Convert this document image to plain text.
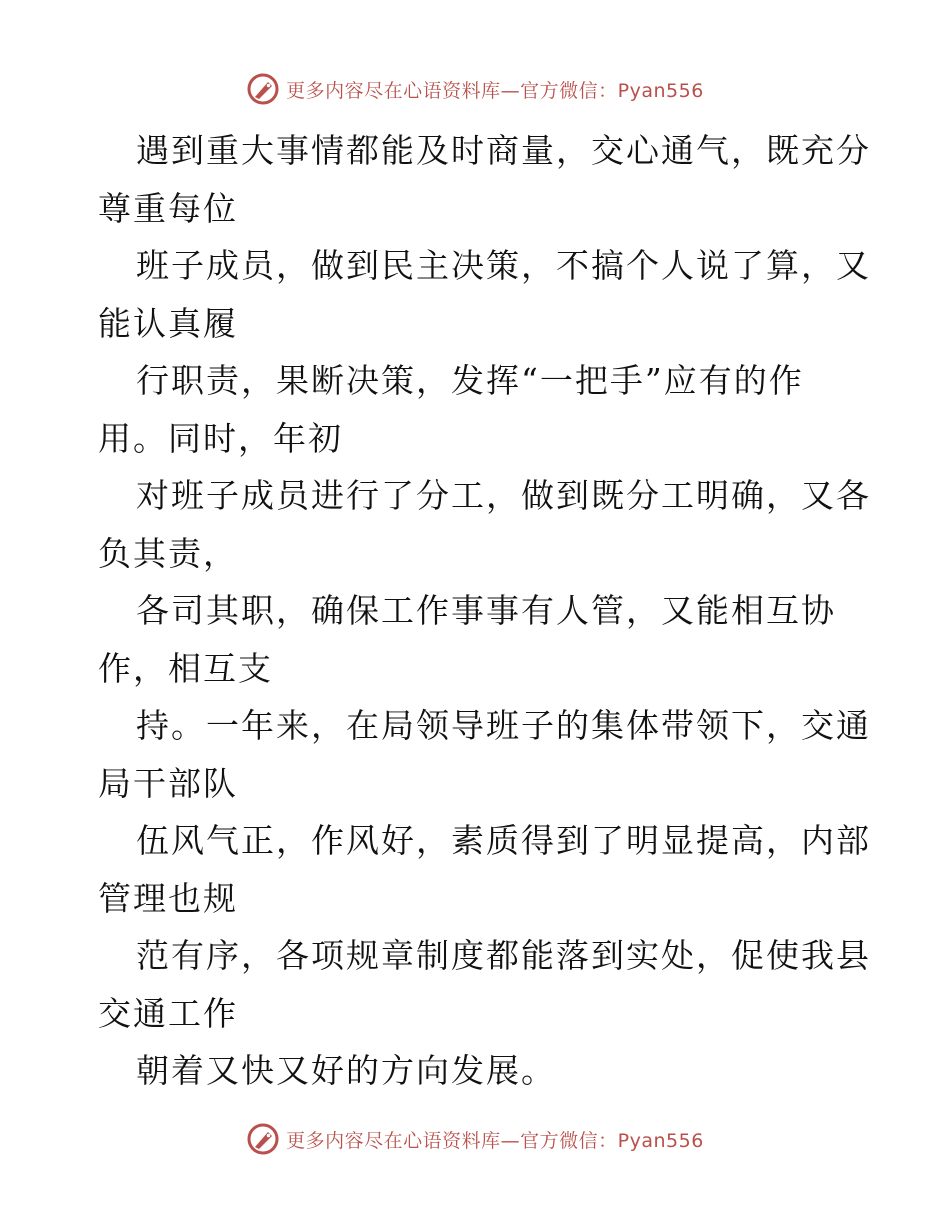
更多内容尽在心语资料库—官方微信：Pyan556

遇到重大事情都能及时商量，交心通气，既充分
尊重每位

班子成员，做到民主决策，不搞个人说了算，又
能认真履

行职责，果断决策，发挥“一把手”应有的作
用。同时，年初

对班子成员进行了分工，做到既分工明确，又各
负其责，

各司其职，确保工作事事有人管，又能相互协
作，相互支

持。一年来，在局领导班子的集体带领下，交通
局干部队

伍风气正，作风好，素质得到了明显提高，内部
管理也规

范有序，各项规章制度都能落到实处，促使我县
交通工作

朝着又快又好的方向发展。

更多内容尽在心语资料库—官方微信：Pyan556
